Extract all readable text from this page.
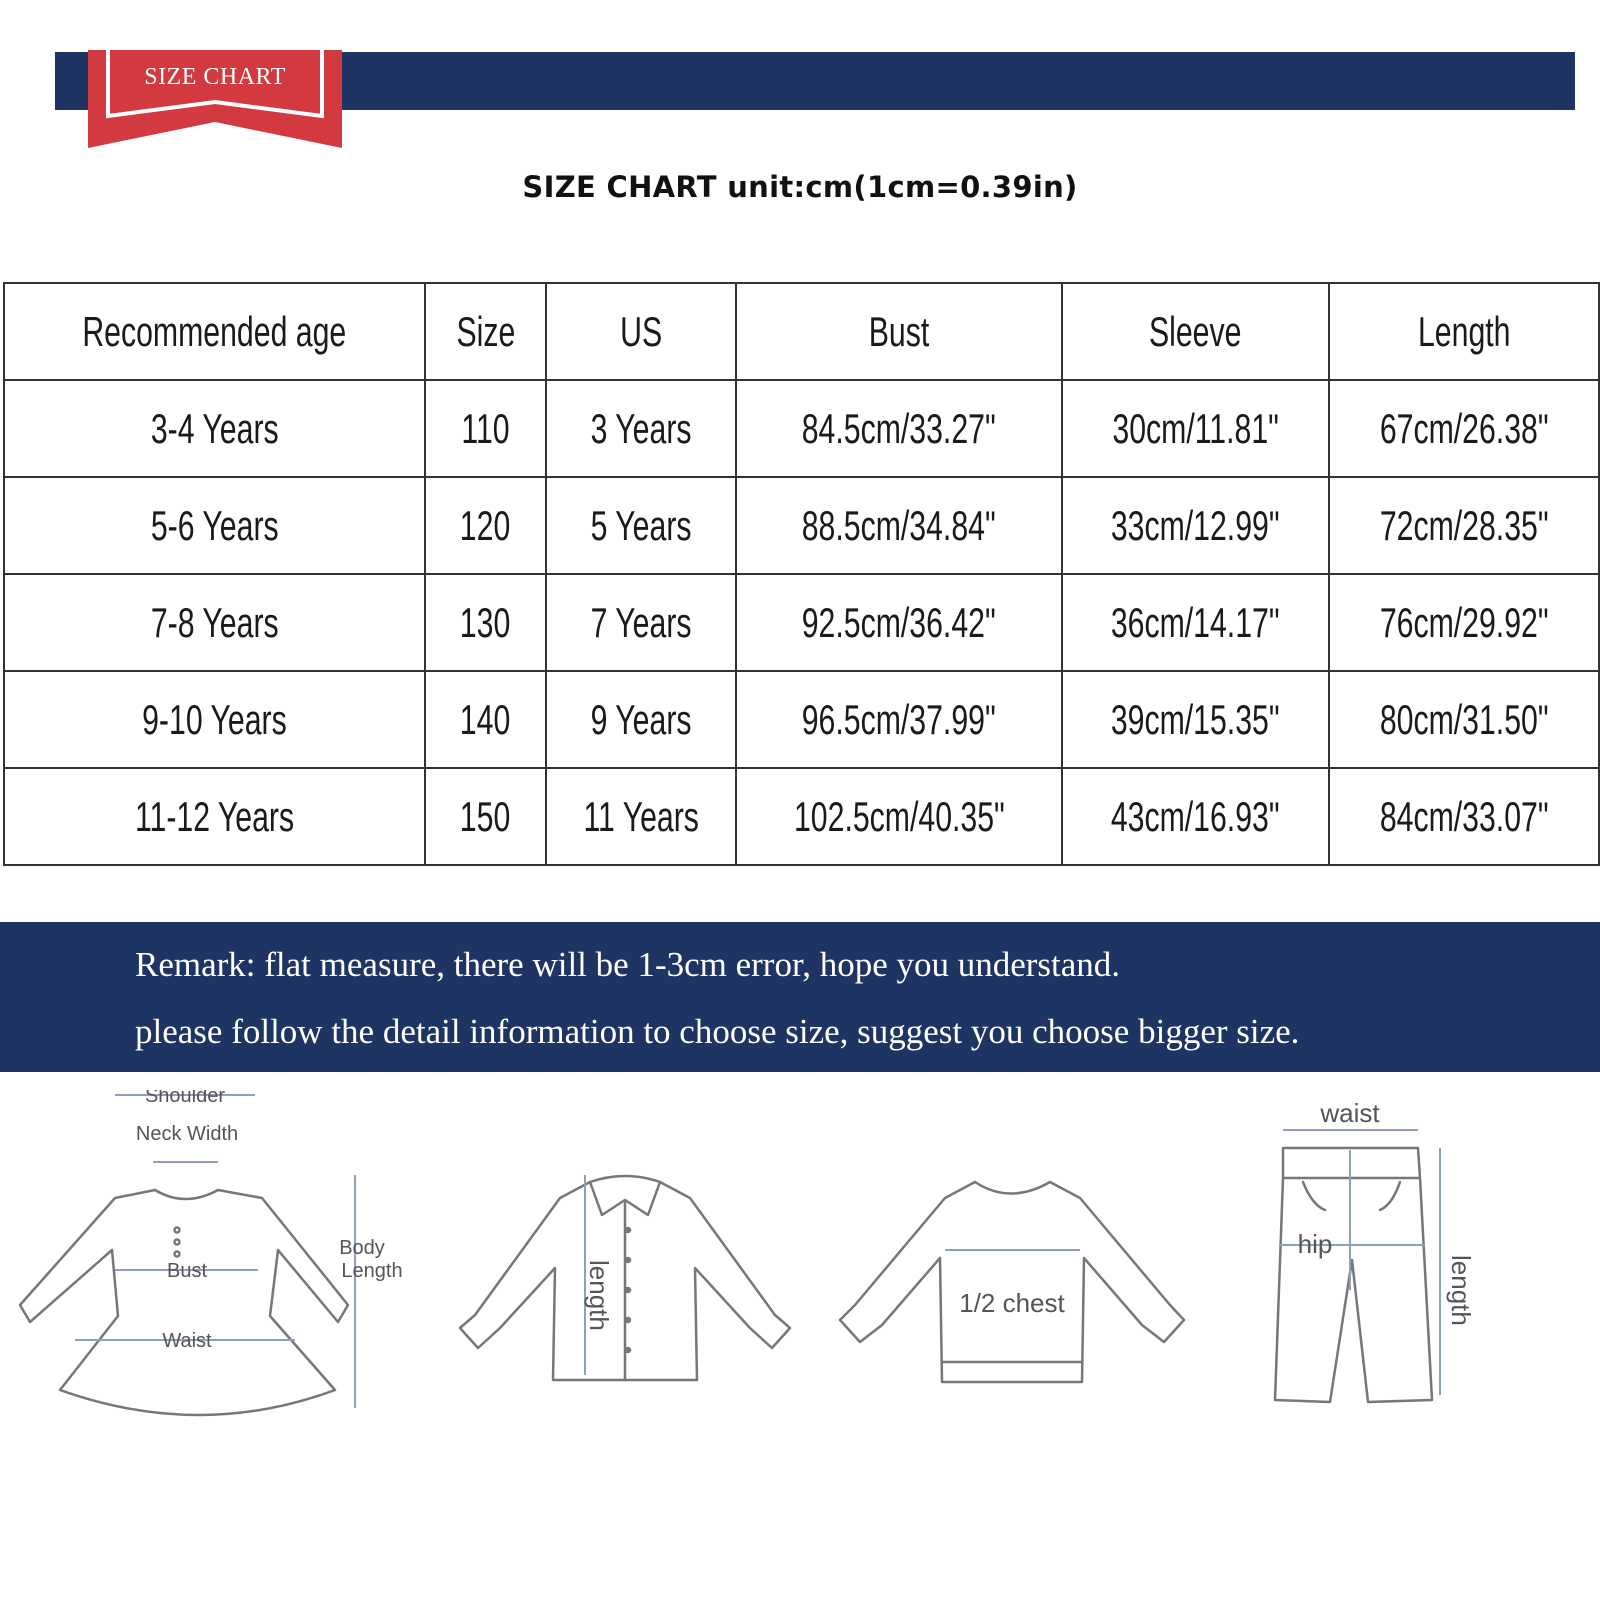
SIZE CHART
SIZE CHART unit:cm(1cm=0.39in)
Recommended age	Size	US	Bust	Sleeve	Length
3-4 Years	110	3 Years	84.5cm/33.27"	30cm/11.81"	67cm/26.38"
5-6 Years	120	5 Years	88.5cm/34.84"	33cm/12.99"	72cm/28.35"
7-8 Years	130	7 Years	92.5cm/36.42"	36cm/14.17"	76cm/29.92"
9-10 Years	140	9 Years	96.5cm/37.99"	39cm/15.35"	80cm/31.50"
11-12 Years	150	11 Years	102.5cm/40.35"	43cm/16.93"	84cm/33.07"
Remark: flat measure, there will be 1-3cm error, hope you understand.
please follow the detail information to choose size, suggest you choose bigger size.
Shoulder
Neck Width
Bust
Body
Length
Waist
length	1/2 chest
waist
hip
length
